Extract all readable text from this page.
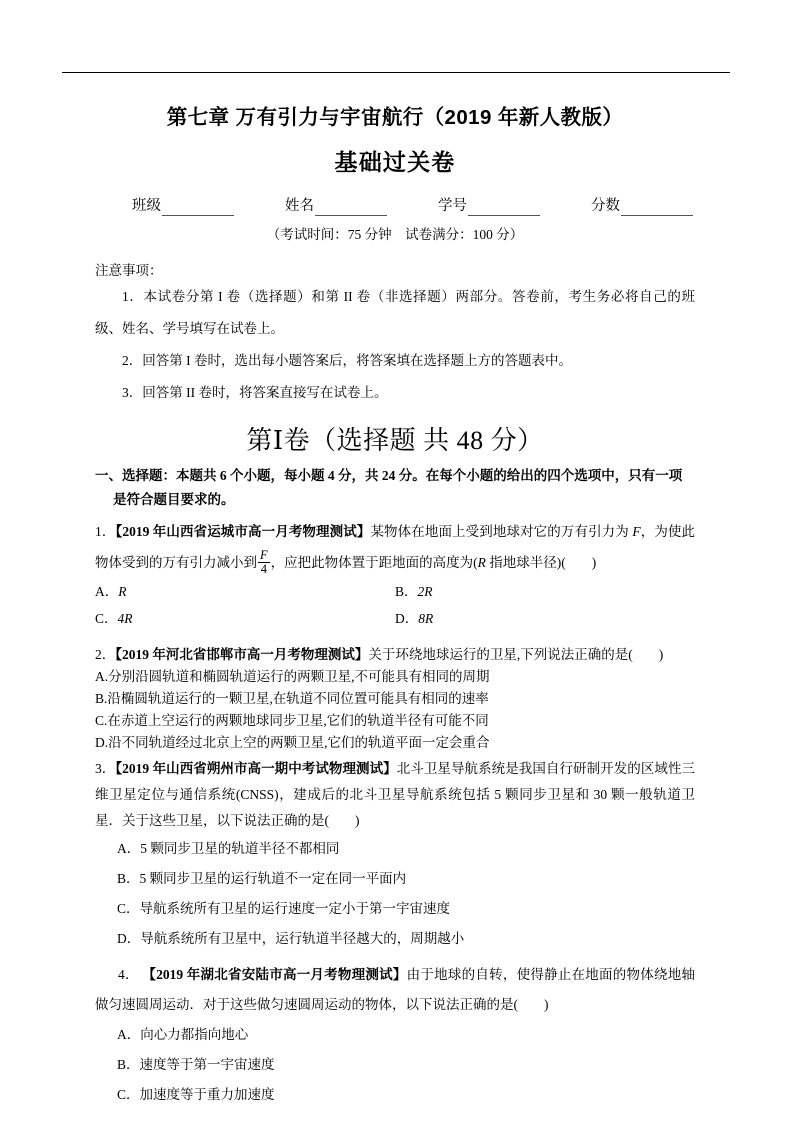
第七章 万有引力与宇宙航行（2019 年新人教版）
基础过关卷
班级	姓名	学号	分数
（考试时间：75 分钟　试卷满分：100 分）
注意事项：

1．本试卷分第 I 卷（选择题）和第 II 卷（非选择题）两部分。答卷前，考生务必将自己的班级、姓名、学号填写在试卷上。

2．回答第 I 卷时，选出每小题答案后，将答案填在选择题上方的答题表中。

3．回答第 II 卷时，将答案直接写在试卷上。

第Ⅰ卷（选择题 共 48 分）
一、选择题：本题共 6 个小题，每小题 4 分，共 24 分。在每个小题的给出的四个选项中，只有一项
是符合题目要求的。
1．【2019 年山西省运城市高一月考物理测试】某物体在地面上受到地球对它的万有引力为 F，为使此物体受到的万有引力减小到 $\frac{F}{4}$ ，应把此物体置于距地面的高度为(R 指地球半径)( )
A．R	B．2R
C．4R	D．8R
2．【2019 年河北省邯郸市高一月考物理测试】关于环绕地球运行的卫星,下列说法正确的是( )
A.分别沿圆轨道和椭圆轨道运行的两颗卫星,不可能具有相同的周期
B.沿椭圆轨道运行的一颗卫星,在轨道不同位置可能具有相同的速率
C.在赤道上空运行的两颗地球同步卫星,它们的轨道半径有可能不同
D.沿不同轨道经过北京上空的两颗卫星,它们的轨道平面一定会重合
3．【2019 年山西省朔州市高一期中考试物理测试】北斗卫星导航系统是我国自行研制开发的区域性三维卫星定位与通信系统(CNSS)，建成后的北斗卫星导航系统包括 5 颗同步卫星和 30 颗一般轨道卫星．关于这些卫星，以下说法正确的是( )
A．5 颗同步卫星的轨道半径不都相同
B．5 颗同步卫星的运行轨道不一定在同一平面内
C．导航系统所有卫星的运行速度一定小于第一宇宙速度
D．导航系统所有卫星中，运行轨道半径越大的，周期越小
4． 【2019 年湖北省安陆市高一月考物理测试】由于地球的自转，使得静止在地面的物体绕地轴做匀速圆周运动．对于这些做匀速圆周运动的物体，以下说法正确的是( )
A．向心力都指向地心
B．速度等于第一宇宙速度
C．加速度等于重力加速度
